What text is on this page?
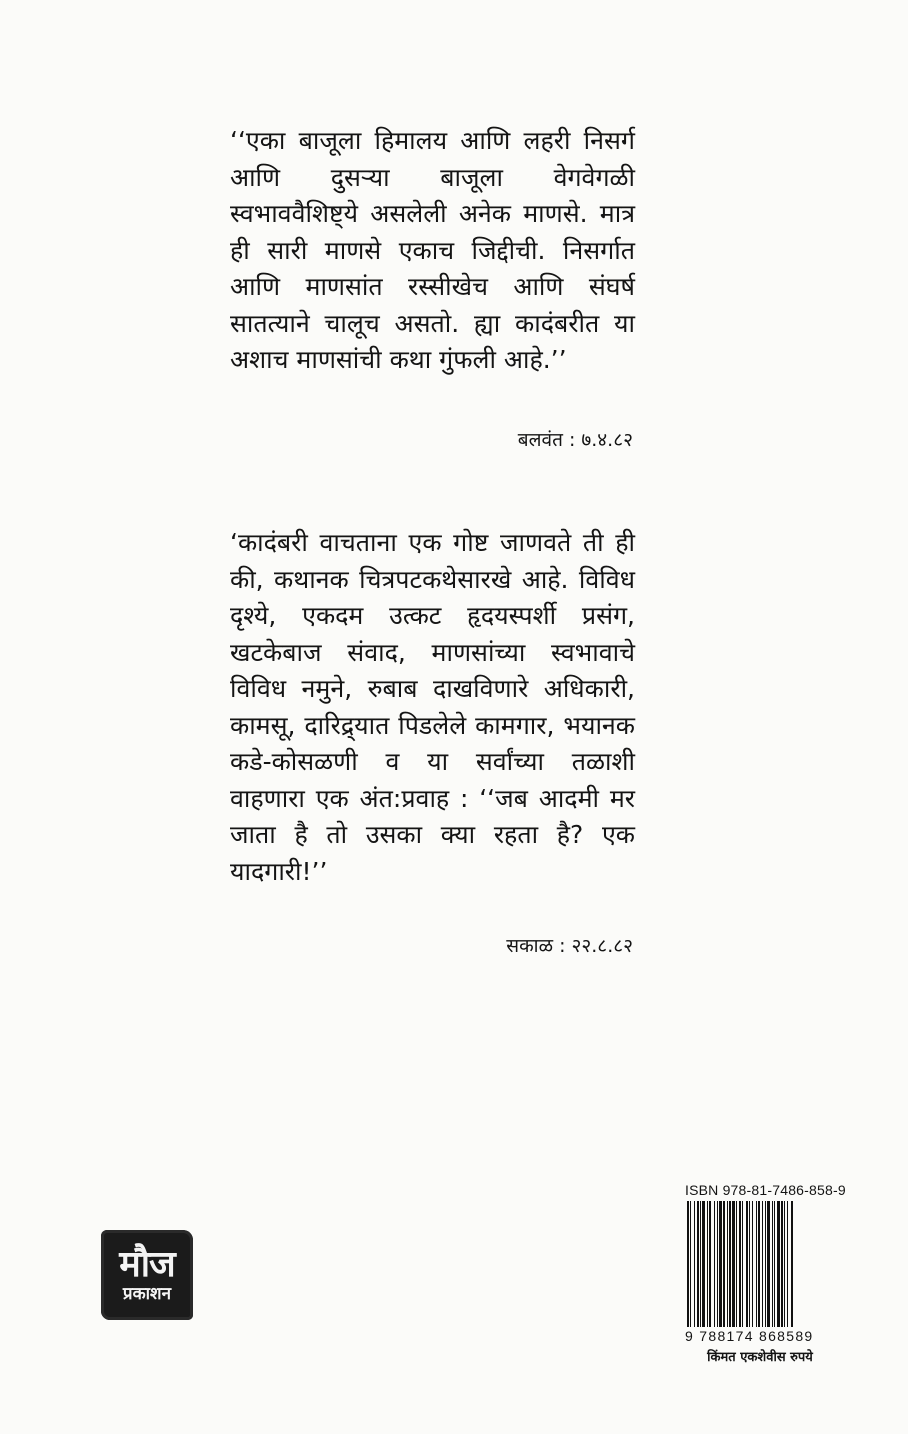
‘‘एका बाजूला हिमालय आणि लहरी निसर्ग आणि दुसऱ्या बाजूला वेगवेगळी स्वभाववैशिष्ट्ये असलेली अनेक माणसे. मात्र ही सारी माणसे एकाच जिद्दीची. निसर्गात आणि माणसांत रस्सीखेच आणि संघर्ष सातत्याने चालूच असतो. ह्या कादंबरीत या अशाच माणसांची कथा गुंफली आहे.’’

बलवंत : ७.४.८२

‘कादंबरी वाचताना एक गोष्ट जाणवते ती ही की, कथानक चित्रपटकथेसारखे आहे. विविध दृश्ये, एकदम उत्कट हृदयस्पर्शी प्रसंग, खटकेबाज संवाद, माणसांच्या स्वभावाचे विविध नमुने, रुबाब दाखविणारे अधिकारी, कामसू, दारिद्र्यात पिडलेले कामगार, भयानक कडे-कोसळणी व या सर्वांच्या तळाशी वाहणारा एक अंत:प्रवाह : ‘‘जब आदमी मर जाता है तो उसका क्या रहता है? एक यादगारी!’’

सकाळ : २२.८.८२

मौज
प्रकाशन

ISBN 978-81-7486-858-9

9 788174 868589

किंमत एकशेवीस रुपये
